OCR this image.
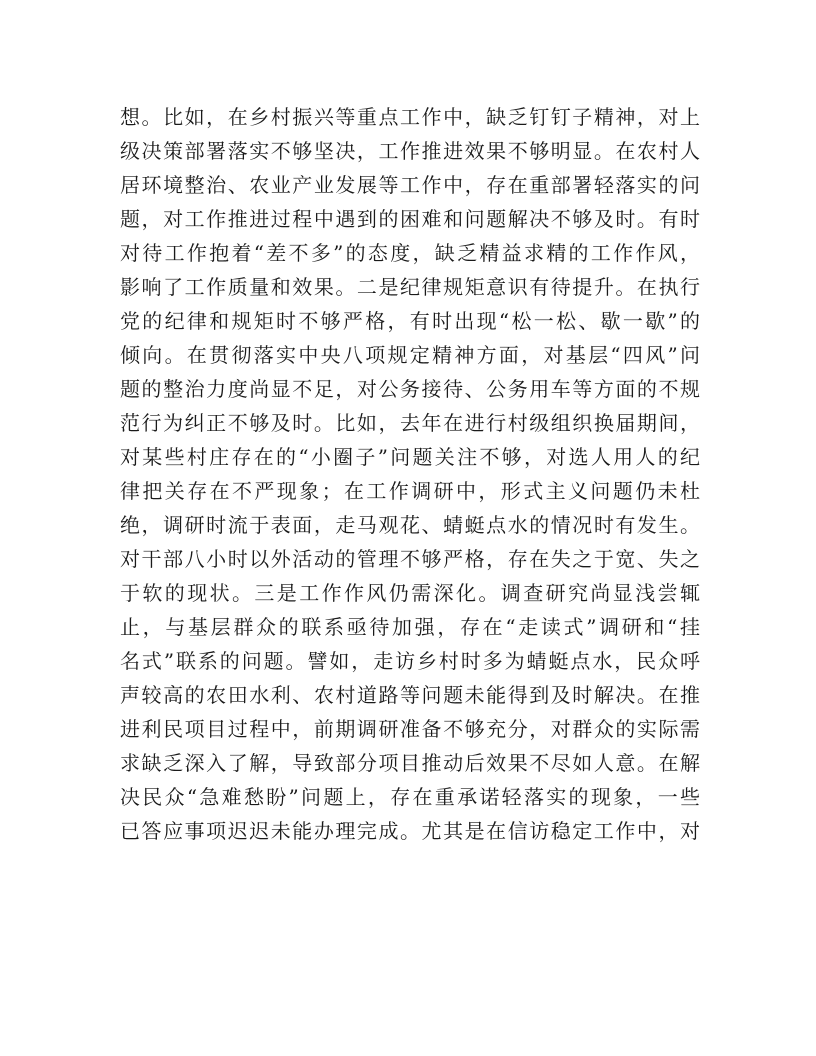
想。比如，在乡村振兴等重点工作中，缺乏钉钉子精神，对上
级决策部署落实不够坚决，工作推进效果不够明显。在农村人
居环境整治、农业产业发展等工作中，存在重部署轻落实的问
题，对工作推进过程中遇到的困难和问题解决不够及时。有时
对待工作抱着“差不多”的态度，缺乏精益求精的工作作风，
影响了工作质量和效果。二是纪律规矩意识有待提升。在执行
党的纪律和规矩时不够严格，有时出现“松一松、歇一歇”的
倾向。在贯彻落实中央八项规定精神方面，对基层“四风”问
题的整治力度尚显不足，对公务接待、公务用车等方面的不规
范行为纠正不够及时。比如，去年在进行村级组织换届期间，
对某些村庄存在的“小圈子”问题关注不够，对选人用人的纪
律把关存在不严现象；在工作调研中，形式主义问题仍未杜
绝，调研时流于表面，走马观花、蜻蜓点水的情况时有发生。
对干部八小时以外活动的管理不够严格，存在失之于宽、失之
于软的现状。三是工作作风仍需深化。调查研究尚显浅尝辄
止，与基层群众的联系亟待加强，存在“走读式”调研和“挂
名式”联系的问题。譬如，走访乡村时多为蜻蜓点水，民众呼
声较高的农田水利、农村道路等问题未能得到及时解决。在推
进利民项目过程中，前期调研准备不够充分，对群众的实际需
求缺乏深入了解，导致部分项目推动后效果不尽如人意。在解
决民众“急难愁盼”问题上，存在重承诺轻落实的现象，一些
已答应事项迟迟未能办理完成。尤其是在信访稳定工作中，对
